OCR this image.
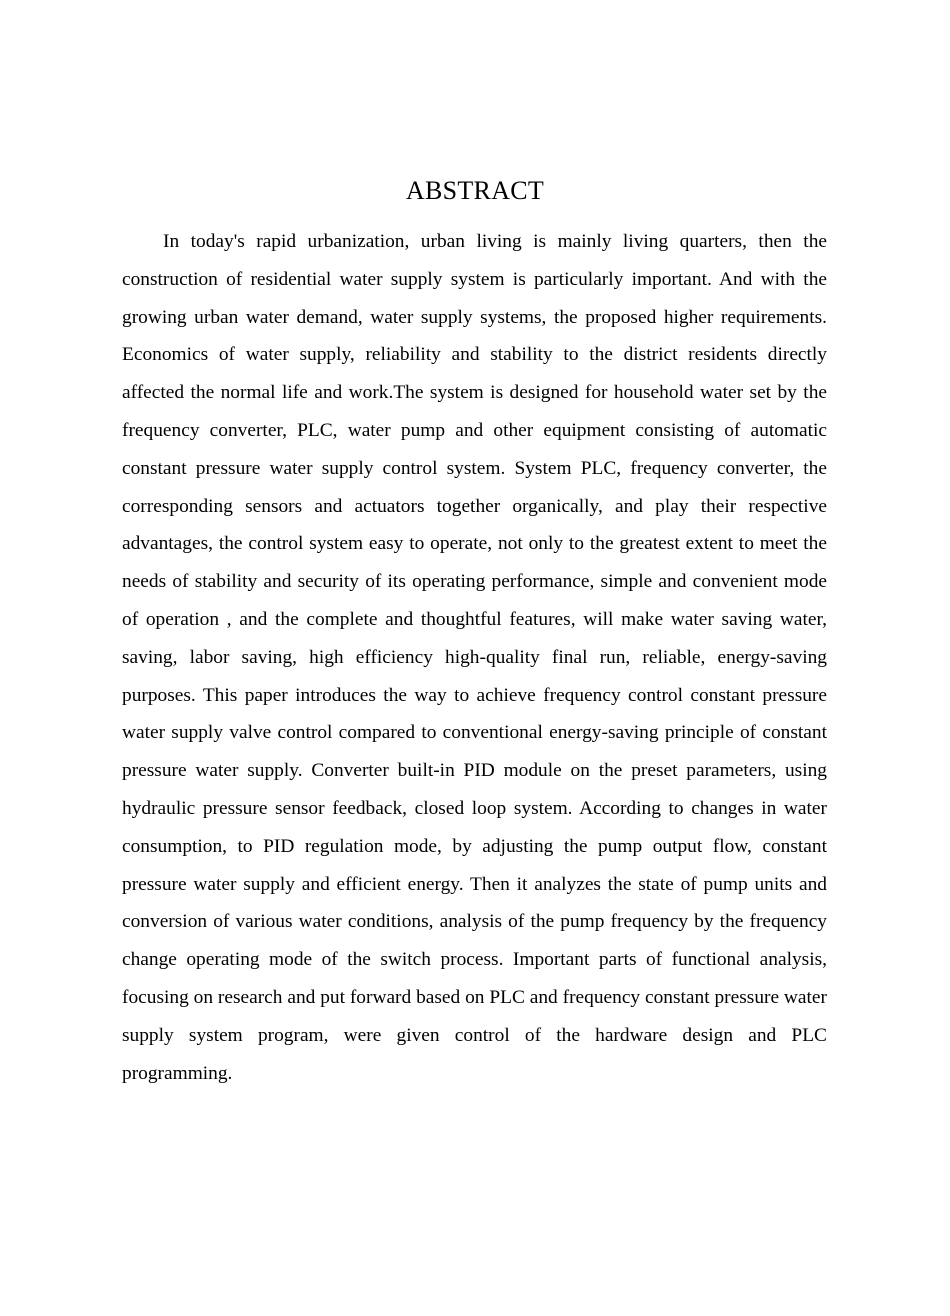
ABSTRACT

In today's rapid urbanization, urban living is mainly living quarters, then the construction of residential water supply system is particularly important. And with the growing urban water demand, water supply systems, the proposed higher requirements. Economics of water supply, reliability and stability to the district residents directly affected the normal life and work.The system is designed for household water set by the frequency converter, PLC, water pump and other equipment consisting of automatic constant pressure water supply control system. System PLC, frequency converter, the corresponding sensors and actuators together organically, and play their respective advantages, the control system easy to operate, not only to the greatest extent to meet the needs of stability and security of its operating performance, simple and convenient mode of operation , and the complete and thoughtful features, will make water saving water, saving, labor saving, high efficiency high-quality final run, reliable, energy-saving purposes. This paper introduces the way to achieve frequency control constant pressure water supply valve control compared to conventional energy-saving principle of constant pressure water supply. Converter built-in PID module on the preset parameters, using hydraulic pressure sensor feedback, closed loop system. According to changes in water consumption, to PID regulation mode, by adjusting the pump output flow, constant pressure water supply and efficient energy. Then it analyzes the state of pump units and conversion of various water conditions, analysis of the pump frequency by the frequency change operating mode of the switch process. Important parts of functional analysis, focusing on research and put forward based on PLC and frequency constant pressure water supply system program, were given control of the hardware design and PLC programming.
